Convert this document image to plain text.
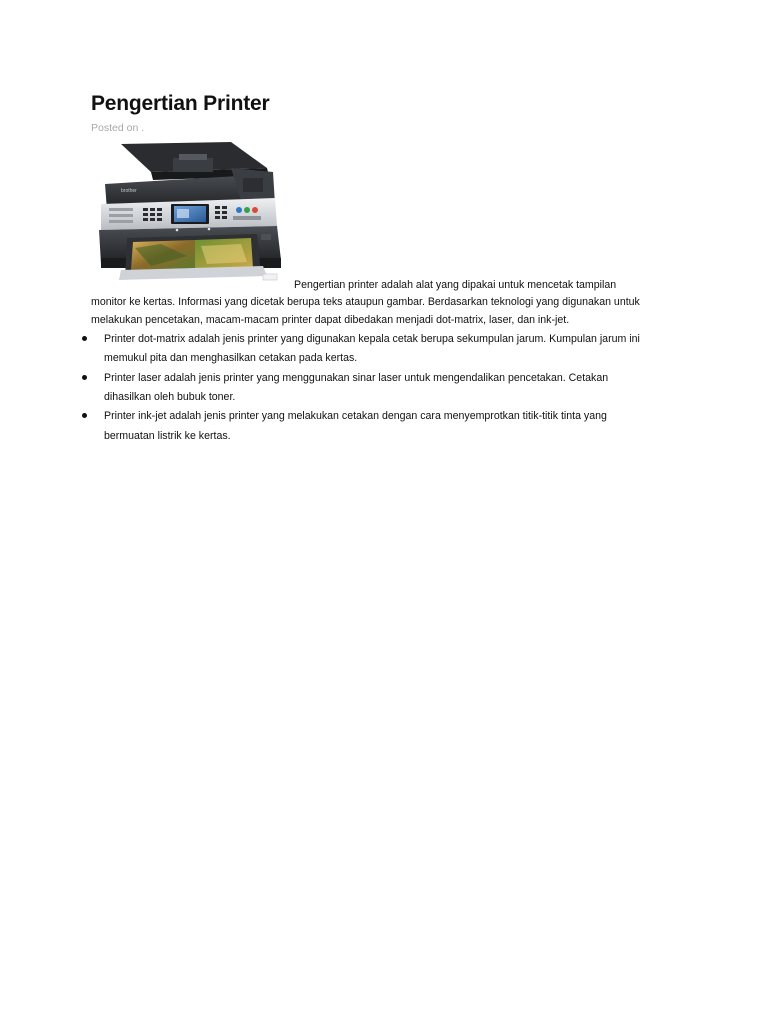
Pengertian Printer
Posted on .
brother
Pengertian printer adalah alat yang dipakai untuk mencetak tampilan
monitor ke kertas. Informasi yang dicetak berupa teks ataupun gambar. Berdasarkan teknologi yang digunakan untuk
melakukan pencetakan, macam-macam printer dapat dibedakan menjadi dot-matrix, laser, dan ink-jet.
Printer dot-matrix adalah jenis printer yang digunakan kepala cetak berupa sekumpulan jarum. Kumpulan jarum ini
memukul pita dan menghasilkan cetakan pada kertas.
Printer laser adalah jenis printer yang menggunakan sinar laser untuk mengendalikan pencetakan. Cetakan
dihasilkan oleh bubuk toner.
Printer ink-jet adalah jenis printer yang melakukan cetakan dengan cara menyemprotkan titik-titik tinta yang
bermuatan listrik ke kertas.
